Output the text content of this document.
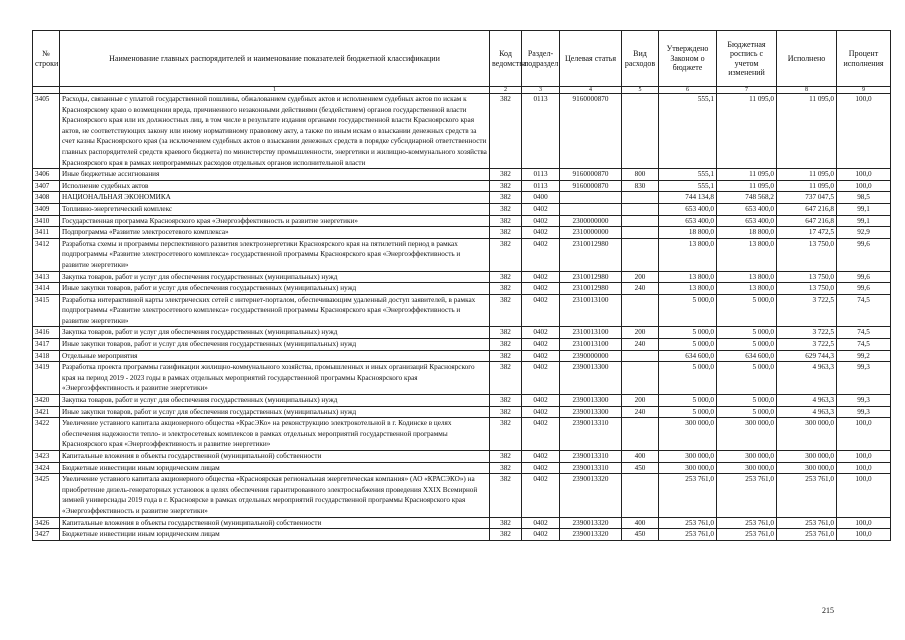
№ строки	Наименование главных распорядителей и наименование показателей бюджетной классификации	Код ведомства	Раздел-подраздел	Целевая статья	Вид расходов	Утверждено Законом о бюджете	Бюджетная роспись с учетом изменений	Исполнено	Процент исполнения
	1	2	3	4	5	6	7	8	9
3405	Расходы, связанные с уплатой государственной пошлины, обжалованием судебных актов и исполнением судебных актов по искам к Красноярскому краю о возмещении вреда, причиненного незаконными действиями (бездействием) органов государственной власти Красноярского края или их должностных лиц, в том числе в результате издания органами государственной власти Красноярского края актов, не соответствующих закону или иному нормативному правовому акту, а также по иным искам о взыскании денежных средств за счет казны Красноярского края (за исключением судебных актов о взыскании денежных средств в порядке субсидиарной ответственности главных распорядителей средств краевого бюджета) по министерству промышленности, энергетики и жилищно-коммунального хозяйства Красноярского края в рамках непрограммных расходов отдельных органов исполнительной власти	382	0113	9160000870		555,1	11 095,0	11 095,0	100,0
3406	Иные бюджетные ассигнования	382	0113	9160000870	800	555,1	11 095,0	11 095,0	100,0
3407	Исполнение судебных актов	382	0113	9160000870	830	555,1	11 095,0	11 095,0	100,0
3408	НАЦИОНАЛЬНАЯ ЭКОНОМИКА	382	0400			744 134,8	748 568,2	737 047,5	98,5
3409	Топливно-энергетический комплекс	382	0402			653 400,0	653 400,0	647 216,8	99,1
3410	Государственная программа Красноярского края «Энергоэффективность и развитие энергетики»	382	0402	2300000000		653 400,0	653 400,0	647 216,8	99,1
3411	Подпрограмма «Развитие электросетевого комплекса»	382	0402	2310000000		18 800,0	18 800,0	17 472,5	92,9
3412	Разработка схемы и программы перспективного развития электроэнергетики Красноярского края на пятилетний период в рамках подпрограммы «Развитие электросетевого комплекса» государственной программы Красноярского края «Энергоэффективность и развитие энергетики»	382	0402	2310012980		13 800,0	13 800,0	13 750,0	99,6
3413	Закупка товаров, работ и услуг для обеспечения государственных (муниципальных) нужд	382	0402	2310012980	200	13 800,0	13 800,0	13 750,0	99,6
3414	Иные закупки товаров, работ и услуг для обеспечения государственных (муниципальных) нужд	382	0402	2310012980	240	13 800,0	13 800,0	13 750,0	99,6
3415	Разработка интерактивной карты электрических сетей с интернет-порталом, обеспечивающим удаленный доступ заявителей, в рамках подпрограммы «Развитие электросетевого комплекса» государственной программы Красноярского края «Энергоэффективность и развитие энергетики»	382	0402	2310013100		5 000,0	5 000,0	3 722,5	74,5
3416	Закупка товаров, работ и услуг для обеспечения государственных (муниципальных) нужд	382	0402	2310013100	200	5 000,0	5 000,0	3 722,5	74,5
3417	Иные закупки товаров, работ и услуг для обеспечения государственных (муниципальных) нужд	382	0402	2310013100	240	5 000,0	5 000,0	3 722,5	74,5
3418	Отдельные мероприятия	382	0402	2390000000		634 600,0	634 600,0	629 744,3	99,2
3419	Разработка проекта программы газификации жилищно-коммунального хозяйства, промышленных и иных организаций Красноярского края на период 2019 - 2023 годы в рамках отдельных мероприятий государственной программы Красноярского края «Энергоэффективность и развитие энергетики»	382	0402	2390013300		5 000,0	5 000,0	4 963,3	99,3
3420	Закупка товаров, работ и услуг для обеспечения государственных (муниципальных) нужд	382	0402	2390013300	200	5 000,0	5 000,0	4 963,3	99,3
3421	Иные закупки товаров, работ и услуг для обеспечения государственных (муниципальных) нужд	382	0402	2390013300	240	5 000,0	5 000,0	4 963,3	99,3
3422	Увеличение уставного капитала акционерного общества «КрасЭКо» на реконструкцию электрокотельной в г. Кодинске в целях обеспечения надежности тепло- и электросетевых комплексов в рамках отдельных мероприятий государственной программы Красноярского края «Энергоэффективность и развитие энергетики»	382	0402	2390013310		300 000,0	300 000,0	300 000,0	100,0
3423	Капитальные вложения в объекты государственной (муниципальной) собственности	382	0402	2390013310	400	300 000,0	300 000,0	300 000,0	100,0
3424	Бюджетные инвестиции иным юридическим лицам	382	0402	2390013310	450	300 000,0	300 000,0	300 000,0	100,0
3425	Увеличение уставного капитала акционерного общества «Красноярская региональная энергетическая компания» (АО «КРАСЭКО») на приобретение дизель-генераторных установок в целях обеспечения гарантированного электроснабжения проведения XXIX Всемирной зимней универсиады 2019 года в г. Красноярске в рамках отдельных мероприятий государственной программы Красноярского края «Энергоэффективность и развитие энергетики»	382	0402	2390013320		253 761,0	253 761,0	253 761,0	100,0
3426	Капитальные вложения в объекты государственной (муниципальной) собственности	382	0402	2390013320	400	253 761,0	253 761,0	253 761,0	100,0
3427	Бюджетные инвестиции иным юридическим лицам	382	0402	2390013320	450	253 761,0	253 761,0	253 761,0	100,0
215
